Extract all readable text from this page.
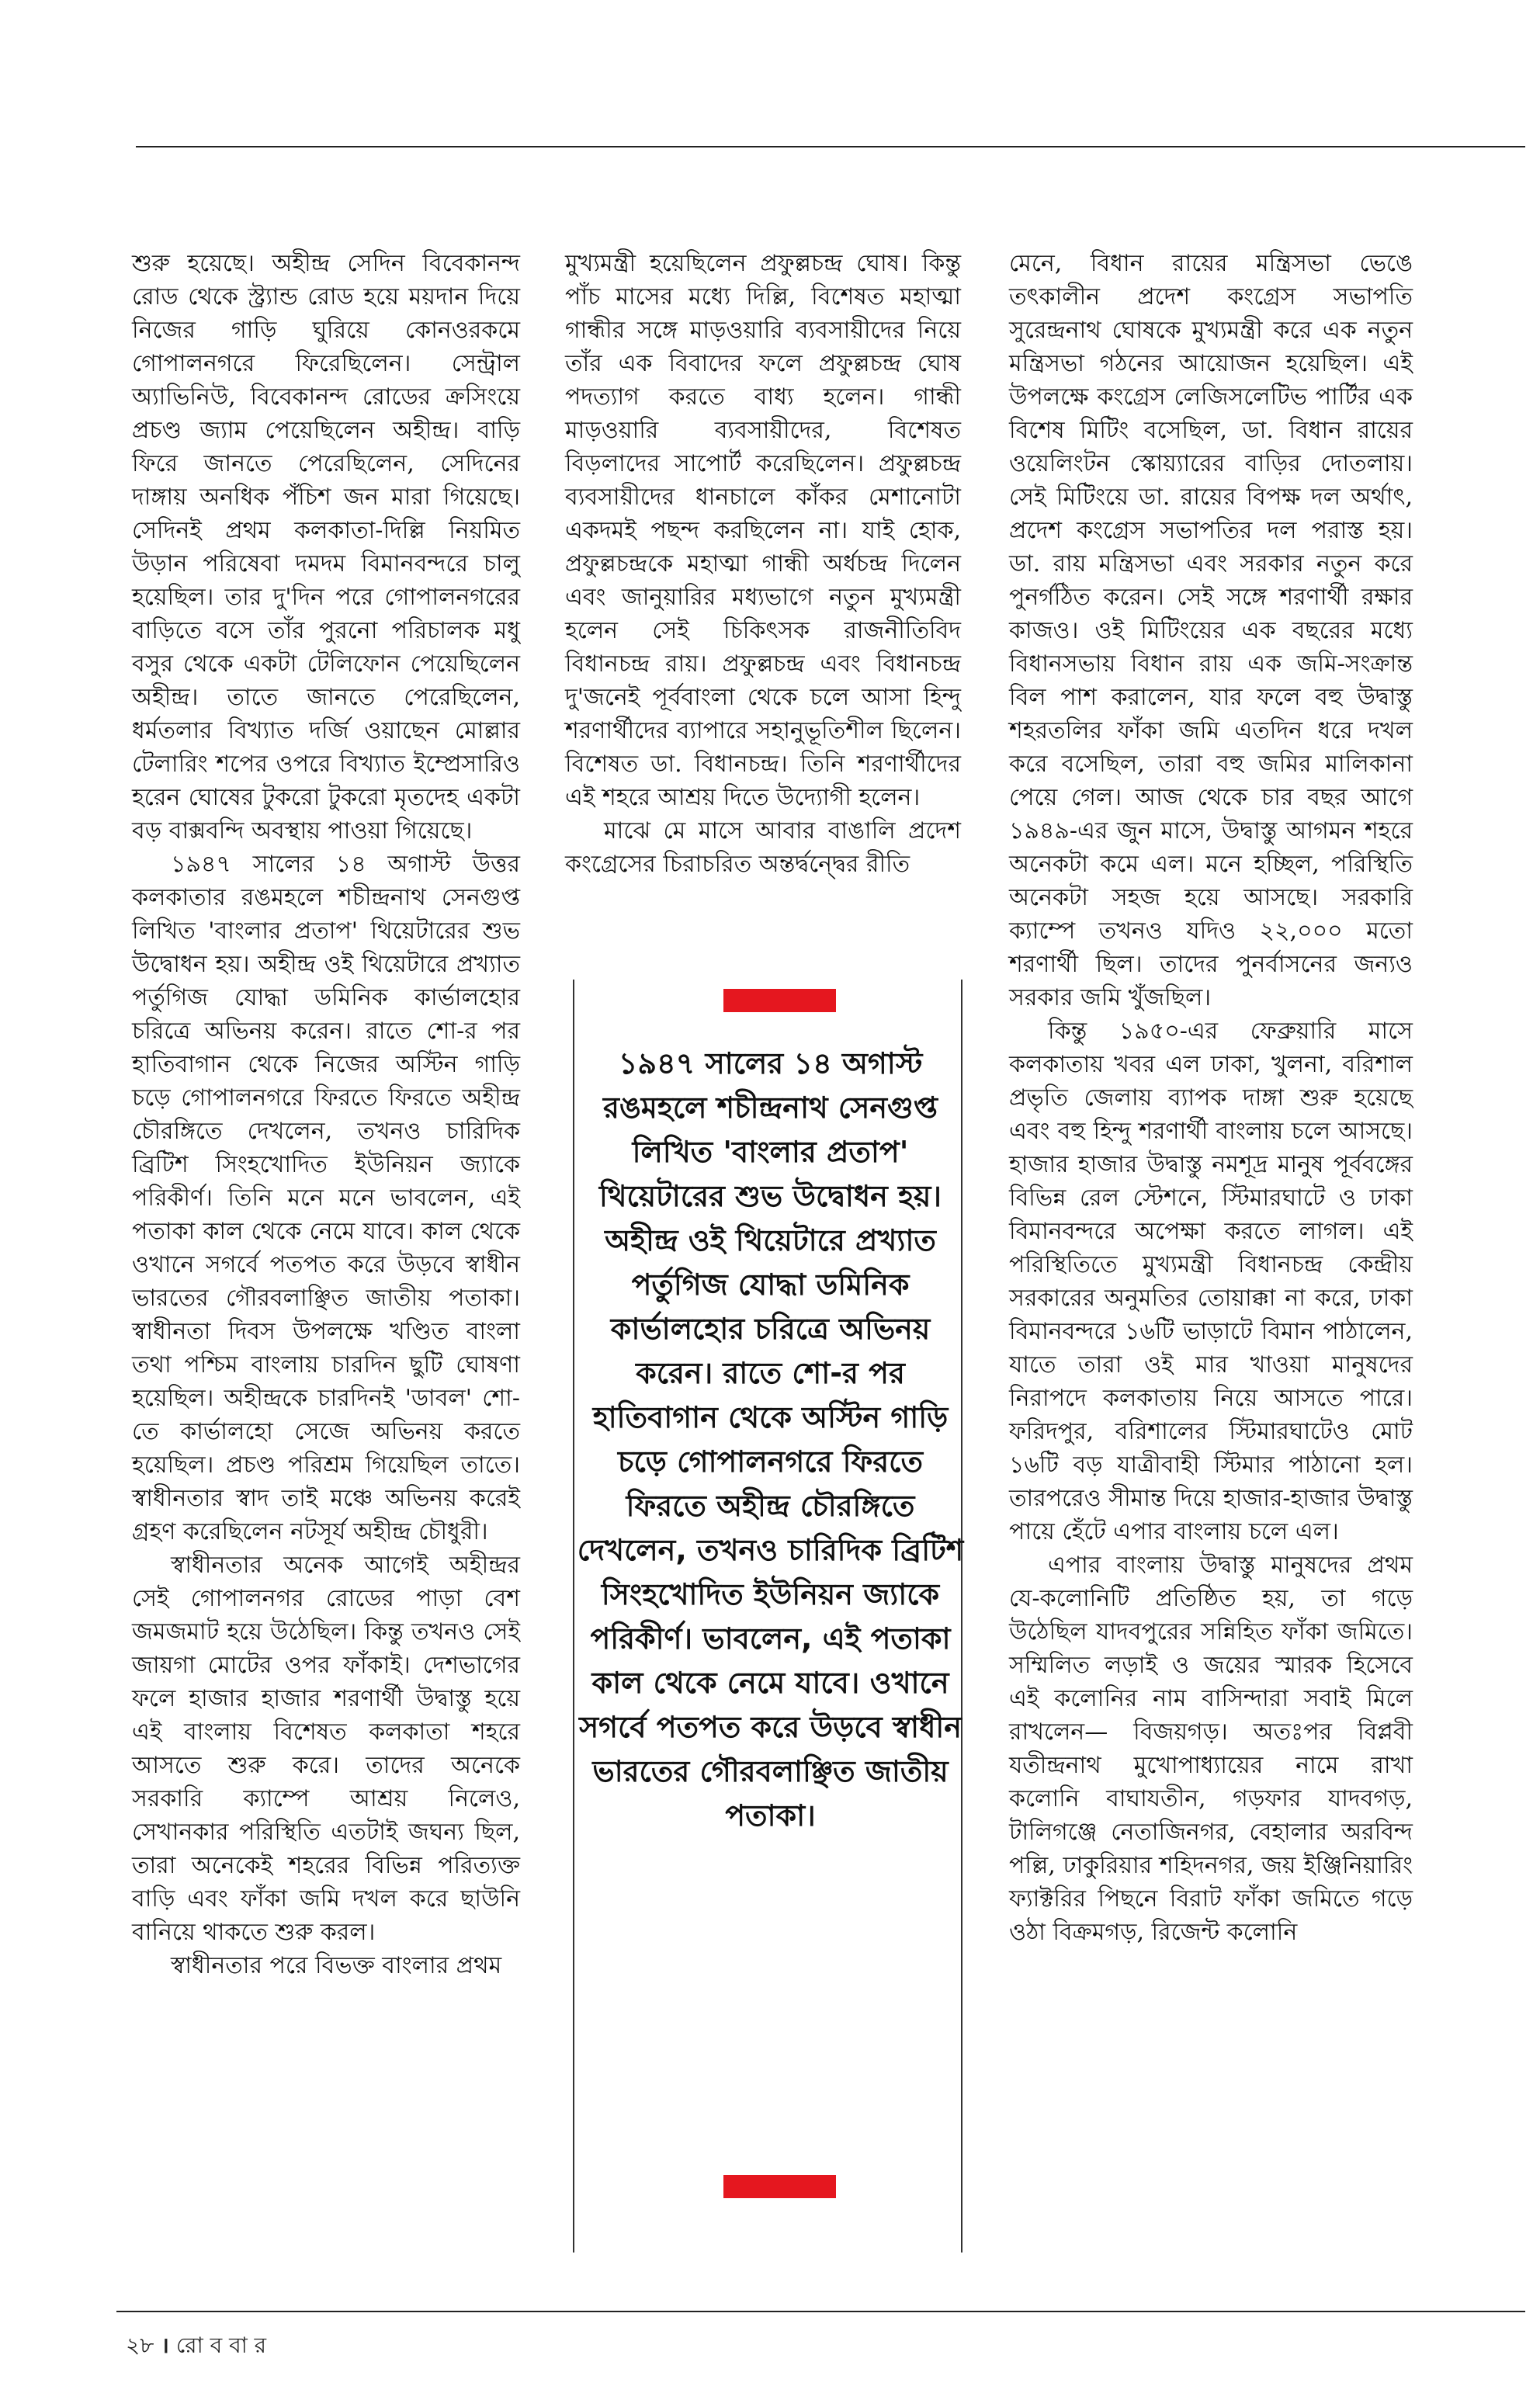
শুরু হয়েছে। অহীন্দ্র সেদিন বিবেকানন্দ রোড থেকে স্ট্র্যান্ড রোড হয়ে ময়দান দিয়ে নিজের গাড়ি ঘুরিয়ে কোনওরকমে গোপালনগরে ফিরেছিলেন। সেন্ট্রাল অ্যাভিনিউ, বিবেকানন্দ রোডের ক্রসিংয়ে প্রচণ্ড জ্যাম পেয়েছিলেন অহীন্দ্র। বাড়ি ফিরে জানতে পেরেছিলেন, সেদিনের দাঙ্গায় অনধিক পঁচিশ জন মারা গিয়েছে। সেদিনই প্রথম কলকাতা-দিল্লি নিয়মিত উড়ান পরিষেবা দমদম বিমানবন্দরে চালু হয়েছিল। তার দু'দিন পরে গোপালনগরের বাড়িতে বসে তাঁর পুরনো পরিচালক মধু বসুর থেকে একটা টেলিফোন পেয়েছিলেন অহীন্দ্র। তাতে জানতে পেরেছিলেন, ধর্মতলার বিখ্যাত দর্জি ওয়াছেন মোল্লার টেলারিং শপের ওপরে বিখ্যাত ইম্প্রেসারিও হরেন ঘোষের টুকরো টুকরো মৃতদেহ একটা বড় বাক্সবন্দি অবস্থায় পাওয়া গিয়েছে।

১৯৪৭ সালের ১৪ অগাস্ট উত্তর কলকাতার রঙমহলে শচীন্দ্রনাথ সেনগুপ্ত লিখিত 'বাংলার প্রতাপ' থিয়েটারের শুভ উদ্বোধন হয়। অহীন্দ্র ওই থিয়েটারে প্রখ্যাত পর্তুগিজ যোদ্ধা ডমিনিক কার্ভালহোর চরিত্রে অভিনয় করেন। রাতে শো-র পর হাতিবাগান থেকে নিজের অস্টিন গাড়ি চড়ে গোপালনগরে ফিরতে ফিরতে অহীন্দ্র চৌরঙ্গিতে দেখলেন, তখনও চারিদিক ব্রিটিশ সিংহখোদিত ইউনিয়ন জ্যাকে পরিকীর্ণ। তিনি মনে মনে ভাবলেন, এই পতাকা কাল থেকে নেমে যাবে। কাল থেকে ওখানে সগর্বে পতপত করে উড়বে স্বাধীন ভারতের গৌরবলাঞ্ছিত জাতীয় পতাকা। স্বাধীনতা দিবস উপলক্ষে খণ্ডিত বাংলা তথা পশ্চিম বাংলায় চারদিন ছুটি ঘোষণা হয়েছিল। অহীন্দ্রকে চারদিনই 'ডাবল' শো-তে কার্ভালহো সেজে অভিনয় করতে হয়েছিল। প্রচণ্ড পরিশ্রম গিয়েছিল তাতে। স্বাধীনতার স্বাদ তাই মঞ্চে অভিনয় করেই গ্রহণ করেছিলেন নটসূর্য অহীন্দ্র চৌধুরী।

স্বাধীনতার অনেক আগেই অহীন্দ্রর সেই গোপালনগর রোডের পাড়া বেশ জমজমাট হয়ে উঠেছিল। কিন্তু তখনও সেই জায়গা মোটের ওপর ফাঁকাই। দেশভাগের ফলে হাজার হাজার শরণার্থী উদ্বাস্তু হয়ে এই বাংলায় বিশেষত কলকাতা শহরে আসতে শুরু করে। তাদের অনেকে সরকারি ক্যাম্পে আশ্রয় নিলেও, সেখানকার পরিস্থিতি এতটাই জঘন্য ছিল, তারা অনেকেই শহরের বিভিন্ন পরিত্যক্ত বাড়ি এবং ফাঁকা জমি দখল করে ছাউনি বানিয়ে থাকতে শুরু করল।

স্বাধীনতার পরে বিভক্ত বাংলার প্রথম

মুখ্যমন্ত্রী হয়েছিলেন প্রফুল্লচন্দ্র ঘোষ। কিন্তু পাঁচ মাসের মধ্যে দিল্লি, বিশেষত মহাত্মা গান্ধীর সঙ্গে মাড়ওয়ারি ব্যবসায়ীদের নিয়ে তাঁর এক বিবাদের ফলে প্রফুল্লচন্দ্র ঘোষ পদত্যাগ করতে বাধ্য হলেন। গান্ধী মাড়ওয়ারি ব্যবসায়ীদের, বিশেষত বিড়লাদের সাপোর্ট করেছিলেন। প্রফুল্লচন্দ্র ব্যবসায়ীদের ধানচালে কাঁকর মেশানোটা একদমই পছন্দ করছিলেন না। যাই হোক, প্রফুল্লচন্দ্রকে মহাত্মা গান্ধী অর্ধচন্দ্র দিলেন এবং জানুয়ারির মধ্যভাগে নতুন মুখ্যমন্ত্রী হলেন সেই চিকিৎসক রাজনীতিবিদ বিধানচন্দ্র রায়। প্রফুল্লচন্দ্র এবং বিধানচন্দ্র দু'জনেই পূর্ববাংলা থেকে চলে আসা হিন্দু শরণার্থীদের ব্যাপারে সহানুভূতিশীল ছিলেন। বিশেষত ডা. বিধানচন্দ্র। তিনি শরণার্থীদের এই শহরে আশ্রয় দিতে উদ্যোগী হলেন।

মাঝে মে মাসে আবার বাঙালি প্রদেশ কংগ্রেসের চিরাচরিত অন্তর্দ্বন্দ্বের রীতি

১৯৪৭ সালের ১৪ অগাস্ট রঙমহলে শচীন্দ্রনাথ সেনগুপ্ত লিখিত 'বাংলার প্রতাপ' থিয়েটারের শুভ উদ্বোধন হয়। অহীন্দ্র ওই থিয়েটারে প্রখ্যাত পর্তুগিজ যোদ্ধা ডমিনিক কার্ভালহোর চরিত্রে অভিনয় করেন। রাতে শো-র পর হাতিবাগান থেকে অস্টিন গাড়ি চড়ে গোপালনগরে ফিরতে ফিরতে অহীন্দ্র চৌরঙ্গিতে দেখলেন, তখনও চারিদিক ব্রিটিশ সিংহখোদিত ইউনিয়ন জ্যাকে পরিকীর্ণ। ভাবলেন, এই পতাকা কাল থেকে নেমে যাবে। ওখানে সগর্বে পতপত করে উড়বে স্বাধীন ভারতের গৌরবলাঞ্ছিত জাতীয় পতাকা।

মেনে, বিধান রায়ের মন্ত্রিসভা ভেঙে তৎকালীন প্রদেশ কংগ্রেস সভাপতি সুরেন্দ্রনাথ ঘোষকে মুখ্যমন্ত্রী করে এক নতুন মন্ত্রিসভা গঠনের আয়োজন হয়েছিল। এই উপলক্ষে কংগ্রেস লেজিসলেটিভ পার্টির এক বিশেষ মিটিং বসেছিল, ডা. বিধান রায়ের ওয়েলিংটন স্কোয়্যারের বাড়ির দোতলায়। সেই মিটিংয়ে ডা. রায়ের বিপক্ষ দল অর্থাৎ, প্রদেশ কংগ্রেস সভাপতির দল পরাস্ত হয়। ডা. রায় মন্ত্রিসভা এবং সরকার নতুন করে পুনর্গঠিত করেন। সেই সঙ্গে শরণার্থী রক্ষার কাজও। ওই মিটিংয়ের এক বছরের মধ্যে বিধানসভায় বিধান রায় এক জমি-সংক্রান্ত বিল পাশ করালেন, যার ফলে বহু উদ্বাস্তু শহরতলির ফাঁকা জমি এতদিন ধরে দখল করে বসেছিল, তারা বহু জমির মালিকানা পেয়ে গেল। আজ থেকে চার বছর আগে ১৯৪৯-এর জুন মাসে, উদ্বাস্তু আগমন শহরে অনেকটা কমে এল। মনে হচ্ছিল, পরিস্থিতি অনেকটা সহজ হয়ে আসছে। সরকারি ক্যাম্পে তখনও যদিও ২২,০০০ মতো শরণার্থী ছিল। তাদের পুনর্বাসনের জন্যও সরকার জমি খুঁজছিল।

কিন্তু ১৯৫০-এর ফেব্রুয়ারি মাসে কলকাতায় খবর এল ঢাকা, খুলনা, বরিশাল প্রভৃতি জেলায় ব্যাপক দাঙ্গা শুরু হয়েছে এবং বহু হিন্দু শরণার্থী বাংলায় চলে আসছে। হাজার হাজার উদ্বাস্তু নমশূদ্র মানুষ পূর্ববঙ্গের বিভিন্ন রেল স্টেশনে, স্টিমারঘাটে ও ঢাকা বিমানবন্দরে অপেক্ষা করতে লাগল। এই পরিস্থিতিতে মুখ্যমন্ত্রী বিধানচন্দ্র কেন্দ্রীয় সরকারের অনুমতির তোয়াক্কা না করে, ঢাকা বিমানবন্দরে ১৬টি ভাড়াটে বিমান পাঠালেন, যাতে তারা ওই মার খাওয়া মানুষদের নিরাপদে কলকাতায় নিয়ে আসতে পারে। ফরিদপুর, বরিশালের স্টিমারঘাটেও মোট ১৬টি বড় যাত্রীবাহী স্টিমার পাঠানো হল। তারপরেও সীমান্ত দিয়ে হাজার-হাজার উদ্বাস্তু পায়ে হেঁটে এপার বাংলায় চলে এল।

এপার বাংলায় উদ্বাস্তু মানুষদের প্রথম যে-কলোনিটি প্রতিষ্ঠিত হয়, তা গড়ে উঠেছিল যাদবপুরের সন্নিহিত ফাঁকা জমিতে। সম্মিলিত লড়াই ও জয়ের স্মারক হিসেবে এই কলোনির নাম বাসিন্দারা সবাই মিলে রাখলেন— বিজয়গড়। অতঃপর বিপ্লবী যতীন্দ্রনাথ মুখোপাধ্যায়ের নামে রাখা কলোনি বাঘাযতীন, গড়ফার যাদবগড়, টালিগঞ্জে নেতাজিনগর, বেহালার অরবিন্দ পল্লি, ঢাকুরিয়ার শহিদনগর, জয় ইঞ্জিনিয়ারিং ফ্যাক্টরির পিছনে বিরাট ফাঁকা জমিতে গড়ে ওঠা বিক্রমগড়, রিজেন্ট কলোনি

২৮ । রো ব বা র
